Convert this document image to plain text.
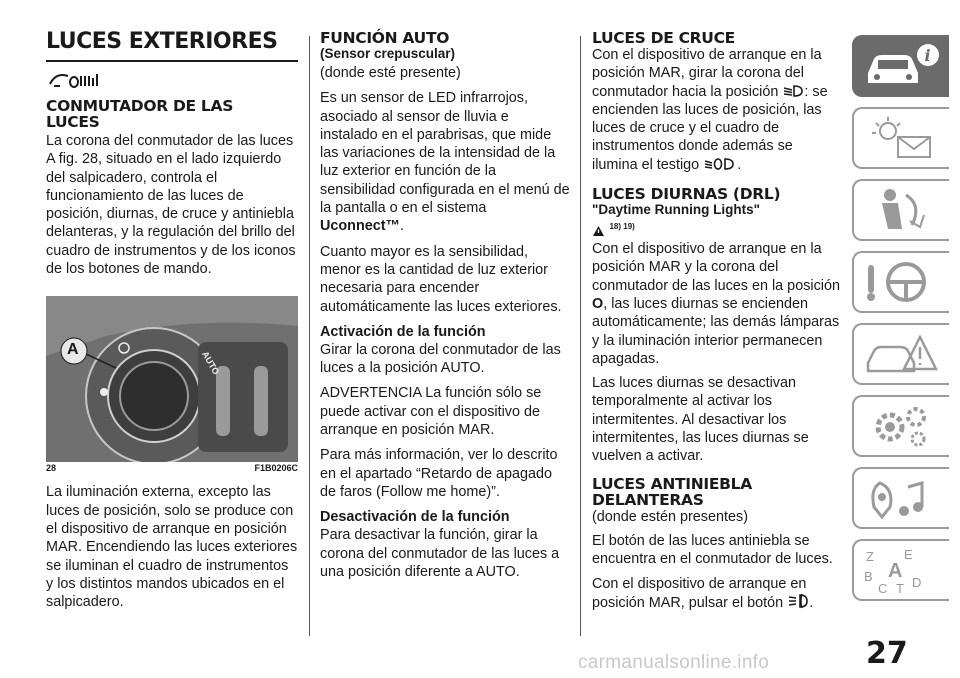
LUCES EXTERIORES
CONMUTADOR DE LAS LUCES

La corona del conmutador de las luces A fig. 28, situado en el lado izquierdo del salpicadero, controla el funcionamiento de las luces de posición, diurnas, de cruce y antiniebla delanteras, y la regulación del brillo del cuadro de instrumentos y de los iconos de los botones de mando.

A
AUTO
28	F1B0206C

La iluminación externa, excepto las luces de posición, solo se produce con el dispositivo de arranque en posición MAR. Encendiendo las luces exteriores se iluminan el cuadro de instrumentos y los distintos mandos ubicados en el salpicadero.

FUNCIÓN AUTO

(Sensor crepuscular)

(donde esté presente)

Es un sensor de LED infrarrojos, asociado al sensor de lluvia e instalado en el parabrisas, que mide las variaciones de la intensidad de la luz exterior en función de la sensibilidad configurada en el menú de la pantalla o en el sistema Uconnect™.

Cuanto mayor es la sensibilidad, menor es la cantidad de luz exterior necesaria para encender automáticamente las luces exteriores.

Activación de la función

Girar la corona del conmutador de las luces a la posición AUTO.

ADVERTENCIA La función sólo se puede activar con el dispositivo de arranque en posición MAR.

Para más información, ver lo descrito en el apartado “Retardo de apagado de faros (Follow me home)”.

Desactivación de la función

Para desactivar la función, girar la corona del conmutador de las luces a una posición diferente a AUTO.

LUCES DE CRUCE

Con el dispositivo de arranque en la posición MAR, girar la corona del conmutador hacia la posición : se encienden las luces de posición, las luces de cruce y el cuadro de instrumentos donde además se ilumina el testigo	.

LUCES DIURNAS (DRL)

"Daytime Running Lights"

$^{18) 19)}$

Con el dispositivo de arranque en la posición MAR y la corona del conmutador de las luces en la posición O, las luces diurnas se encienden automáticamente; las demás lámparas y la iluminación interior permanecen apagadas.

Las luces diurnas se desactivan temporalmente al activar los intermitentes. Al desactivar los intermitentes, las luces diurnas se vuelven a activar.

LUCES ANTINIEBLA DELANTERAS

(donde estén presentes)

El botón de las luces antiniebla se encuentra en el conmutador de luces.

Con el dispositivo de arranque en posición MAR, pulsar el botón .

i
Z E
A
B
C T D
27
carmanualsonline.info
